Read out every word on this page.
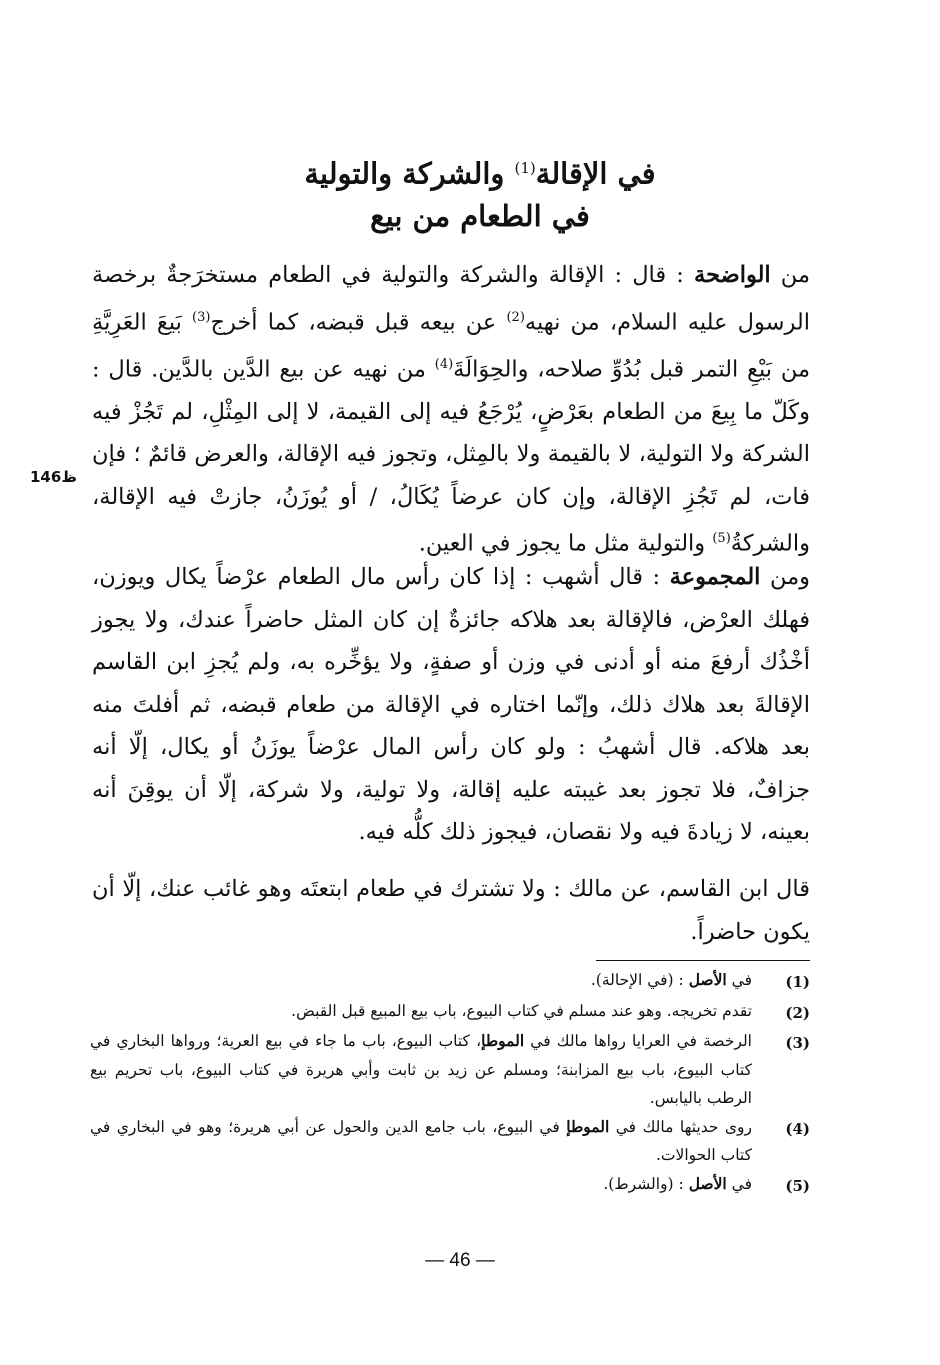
في الإقالة$^{(1)}$ والشركة والتولية
في الطعام من بيع

من الواضحة : قال : الإقالة والشركة والتولية في الطعام مستخرَجةٌ برخصة الرسول عليه السلام، من نهيه$^{(2)}$ عن بيعه قبل قبضه، كما أخرج$^{(3)}$ بَيعَ العَرِيَّةِ من بَيْعِ التمر قبل بُدُوِّ صلاحه، والحِوَالَةَ$^{(4)}$ من نهيه عن بيع الدَّين بالدَّين. قال : وكَلّ ما بِيعَ من الطعام بعَرْضٍ، يُرْجَعُ فيه إلى القيمة، لا إلى المِثْلِ، لم تَجُزْ فيه الشركة ولا التولية، لا بالقيمة ولا بالمِثل، وتجوز فيه الإقالة، والعرض قائمٌ ؛ فإن فات، لم تَجُزِ الإقالة، وإن كان عرضاً يُكَالُ، / أو يُوزَنُ، جازتْ فيه الإقالة، والشركةُ$^{(5)}$ والتولية مثل ما يجوز في العين.

146ظ

ومن المجموعة : قال أشهب : إذا كان رأس مال الطعام عرْضاً يكال ويوزن، فهلك العرْض، فالإقالة بعد هلاكه جائزةٌ إن كان المثل حاضراً عندك، ولا يجوز أخْذُك أرفعَ منه أو أدنى في وزن أو صفةٍ، ولا يؤخِّره به، ولم يُجزِ ابن القاسم الإقالةَ بعد هلاك ذلك، وإنّما اختاره في الإقالة من طعام قبضه، ثم أفلتَ منه بعد هلاكه. قال أشهبُ : ولو كان رأس المال عرْضاً يوزَنُ أو يكال، إلّا أنه جزافٌ، فلا تجوز بعد غيبته عليه إقالة، ولا تولية، ولا شركة، إلّا أن يوقِنَ أنه بعينه، لا زيادةَ فيه ولا نقصان، فيجوز ذلك كلُّه فيه.

قال ابن القاسم، عن مالك : ولا تشترك في طعام ابتعتَه وهو غائب عنك، إلّا أن يكون حاضراً.

(1)
في الأصل : (في الإحالة).
(2)
تقدم تخريجه. وهو عند مسلم في كتاب البيوع، باب بيع المبيع قبل القبض.
(3)
الرخصة في العرايا رواها مالك في الموطإ، كتاب البيوع، باب ما جاء في بيع العرية؛ ورواها البخاري في كتاب البيوع، باب بيع المزابنة؛ ومسلم عن زيد بن ثابت وأبي هريرة في كتاب البيوع، باب تحريم بيع الرطب باليابس.
(4)
روى حديثها مالك في الموطإ في البيوع، باب جامع الدين والحول عن أبي هريرة؛ وهو في البخاري في كتاب الحوالات.
(5)
في الأصل : (والشرط).
— 46 —
